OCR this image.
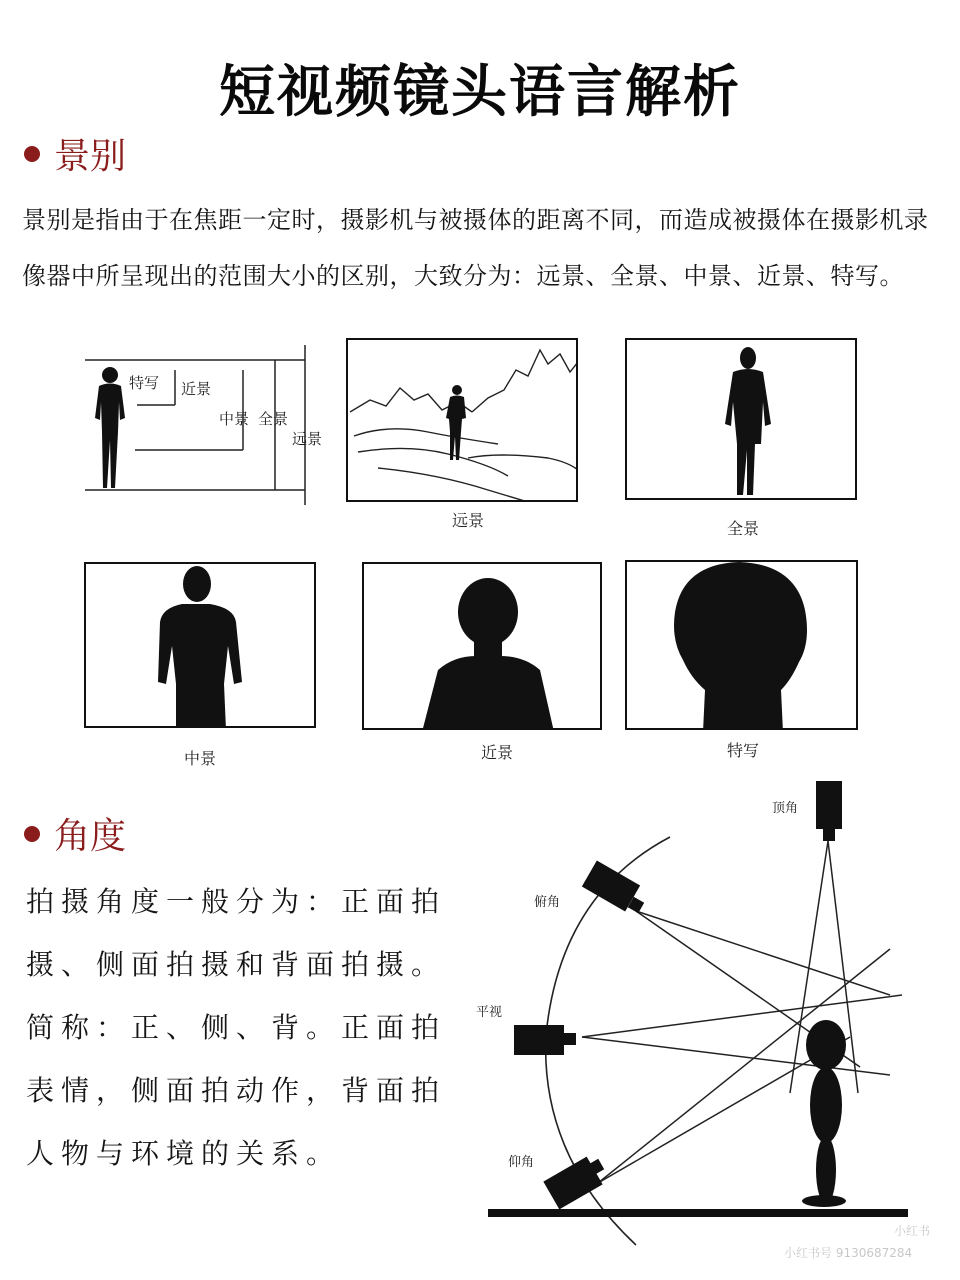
短视频镜头语言解析
景别
景别是指由于在焦距一定时，摄影机与被摄体的距离不同，而造成被摄体在摄影机录像器中所呈现出的范围大小的区别，大致分为：远景、全景、中景、近景、特写。
特写 近景
中景 全景
远景
远景	全景
中景	近景	特写
角度
拍摄角度一般分为：正面拍摄、侧面拍摄和背面拍摄。简称：正、侧、背。正面拍表情，侧面拍动作，背面拍人物与环境的关系。
顶角
俯角
平视
仰角
小红书
小红书号 9130687284
